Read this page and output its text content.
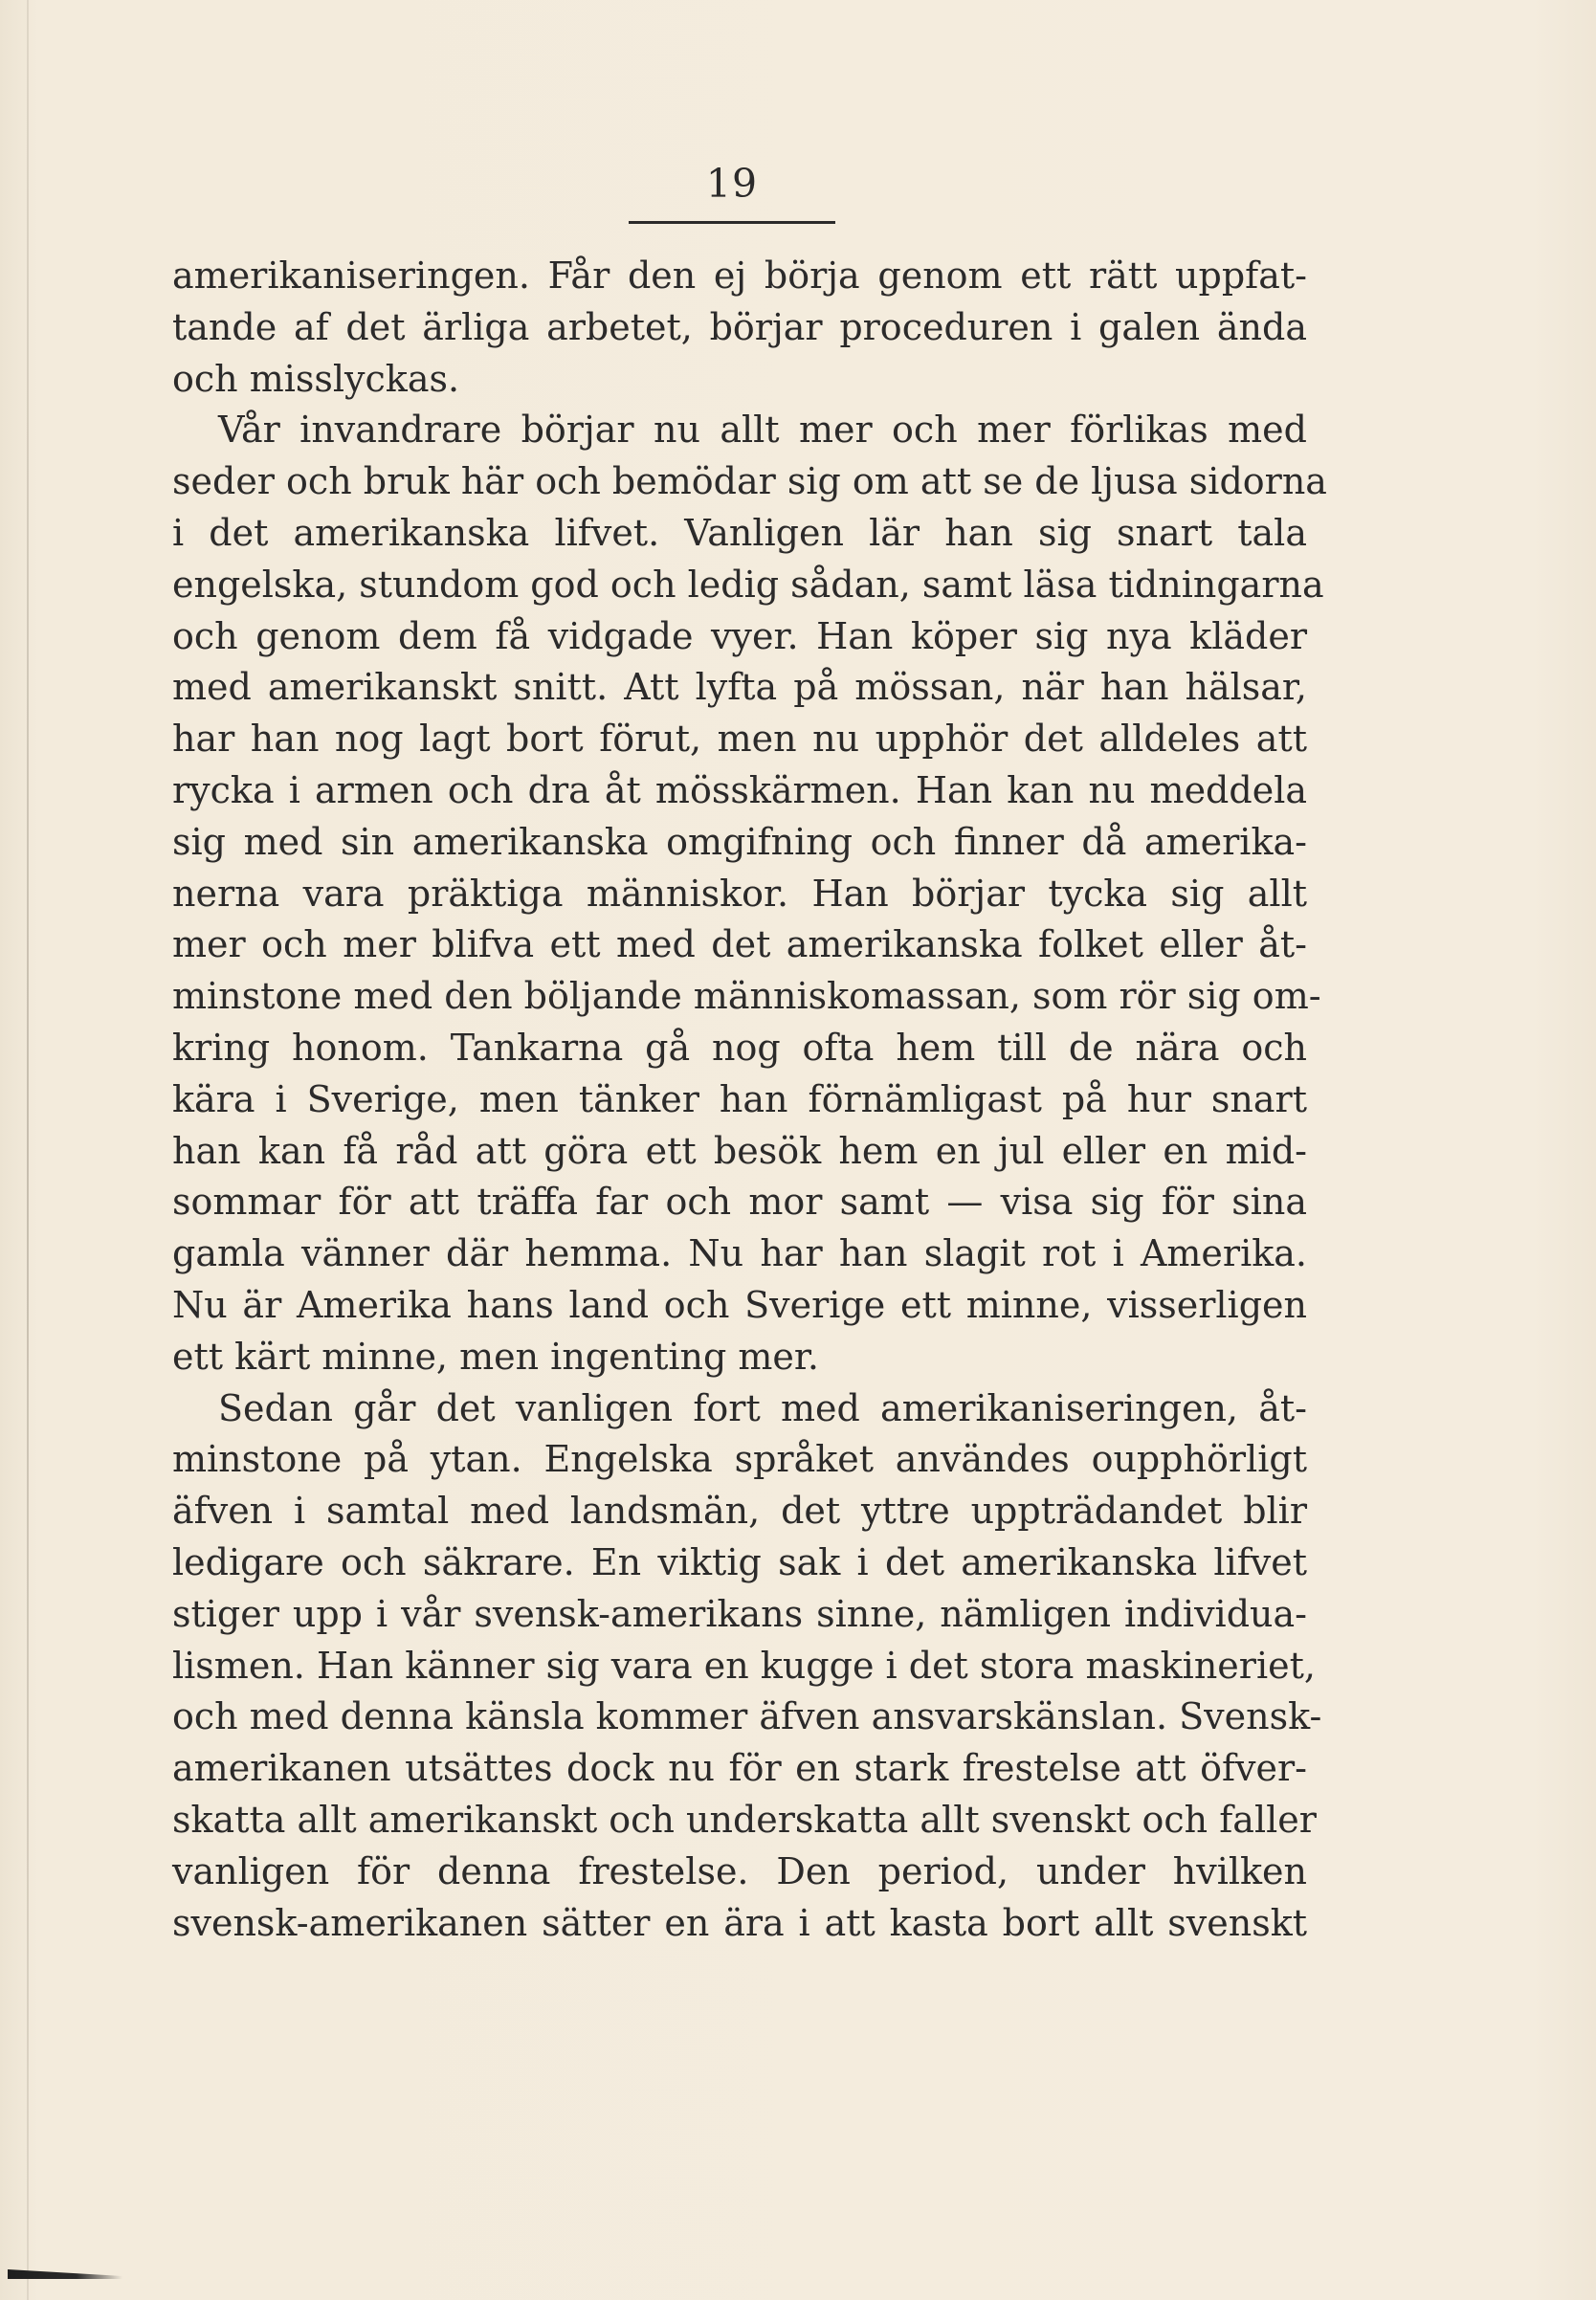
19
amerikaniseringen. Får den ej börja genom ett rätt uppfat-
tande af det ärliga arbetet, börjar proceduren i galen ända
och misslyckas.
Vår invandrare börjar nu allt mer och mer förlikas med
seder och bruk här och bemödar sig om att se de ljusa sidorna
i det amerikanska lifvet. Vanligen lär han sig snart tala
engelska, stundom god och ledig sådan, samt läsa tidningarna
och genom dem få vidgade vyer. Han köper sig nya kläder
med amerikanskt snitt. Att lyfta på mössan, när han hälsar,
har han nog lagt bort förut, men nu upphör det alldeles att
rycka i armen och dra åt mösskärmen. Han kan nu meddela
sig med sin amerikanska omgifning och finner då amerika-
nerna vara präktiga människor. Han börjar tycka sig allt
mer och mer blifva ett med det amerikanska folket eller åt-
minstone med den böljande människomassan, som rör sig om-
kring honom. Tankarna gå nog ofta hem till de nära och
kära i Sverige, men tänker han förnämligast på hur snart
han kan få råd att göra ett besök hem en jul eller en mid-
sommar för att träffa far och mor samt — visa sig för sina
gamla vänner där hemma. Nu har han slagit rot i Amerika.
Nu är Amerika hans land och Sverige ett minne, visserligen
ett kärt minne, men ingenting mer.
Sedan går det vanligen fort med amerikaniseringen, åt-
minstone på ytan. Engelska språket användes oupphörligt
äfven i samtal med landsmän, det yttre uppträdandet blir
ledigare och säkrare. En viktig sak i det amerikanska lifvet
stiger upp i vår svensk-amerikans sinne, nämligen individua-
lismen. Han känner sig vara en kugge i det stora maskineriet,
och med denna känsla kommer äfven ansvarskänslan. Svensk-
amerikanen utsättes dock nu för en stark frestelse att öfver-
skatta allt amerikanskt och underskatta allt svenskt och faller
vanligen för denna frestelse. Den period, under hvilken
svensk-amerikanen sätter en ära i att kasta bort allt svenskt
